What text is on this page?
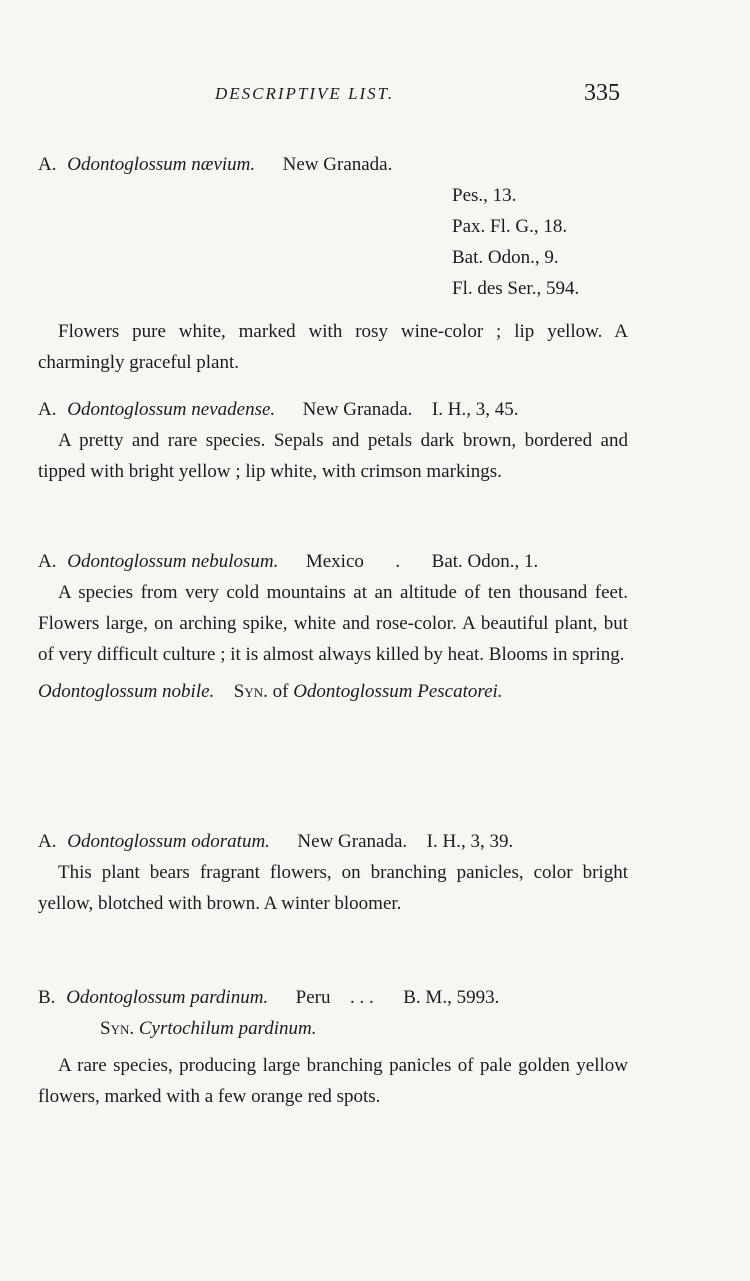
DESCRIPTIVE LIST.	335
A. Odontoglossum nævium. New Granada.
Pes., 13.
Pax. Fl. G., 18.
Bat. Odon., 9.
Fl. des Ser., 594.

Flowers pure white, marked with rosy wine-color ; lip yellow. A charmingly graceful plant.

A. Odontoglossum nevadense. New Granada. I. H., 3, 45.

A pretty and rare species. Sepals and petals dark brown, bordered and tipped with bright yellow ; lip white, with crimson markings.

A. Odontoglossum nebulosum. Mexico . Bat. Odon., 1.

A species from very cold mountains at an altitude of ten thousand feet. Flowers large, on arching spike, white and rose-color. A beautiful plant, but of very difficult culture ; it is almost always killed by heat. Blooms in spring.

Odontoglossum nobile. Syn. of Odontoglossum Pescatorei.
A. Odontoglossum odoratum. New Granada. I. H., 3, 39.

This plant bears fragrant flowers, on branching panicles, color bright yellow, blotched with brown. A winter bloomer.

B. Odontoglossum pardinum. Peru . . . B. M., 5993.
Syn. Cyrtochilum pardinum.

A rare species, producing large branching panicles of pale golden yellow flowers, marked with a few orange red spots.
